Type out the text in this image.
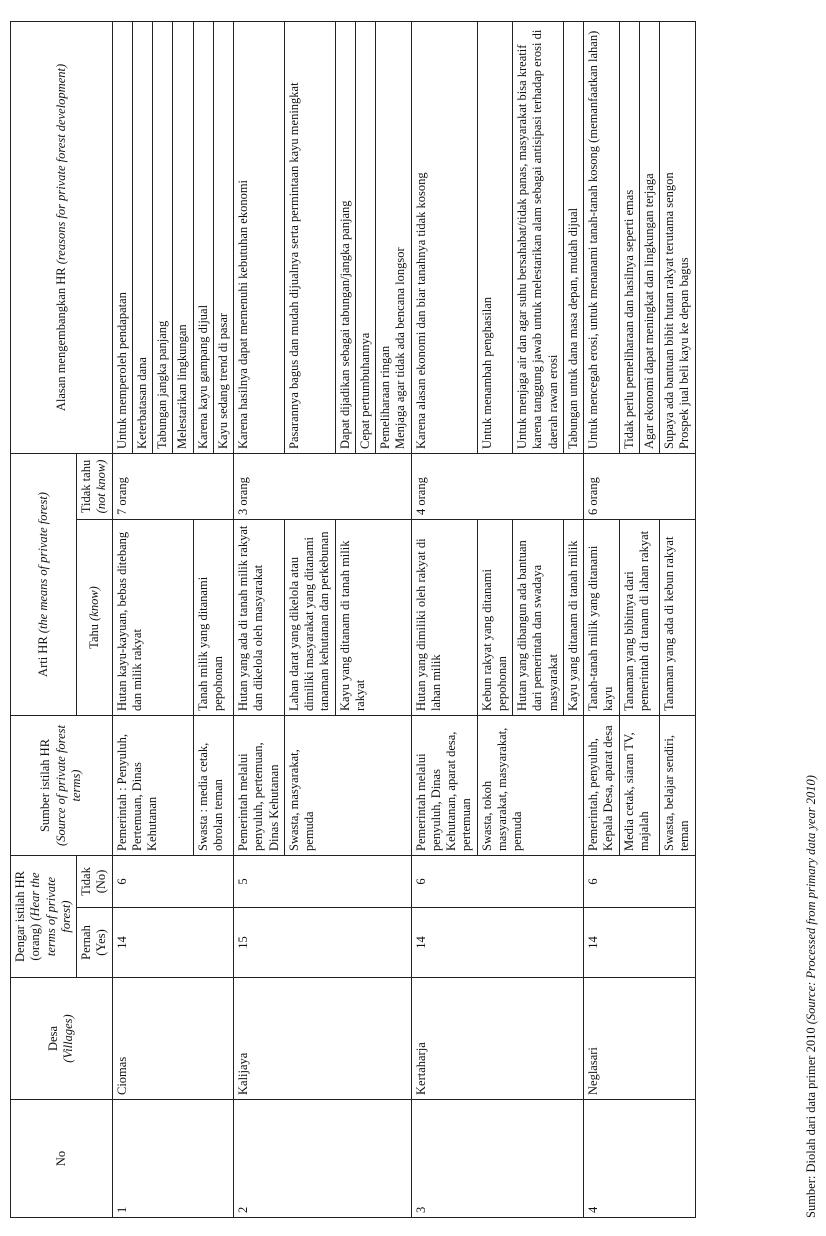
No	Desa
(Villages)	Dengar istilah HR (orang) (Hear the terms of private forest)		Sumber istilah HR (Source of private forest terms)	Arti HR (the means of private forest)		Alasan mengembangkan HR (reasons for private forest development)
		Pernah
(Yes)	Tidak
(No)		Tahu (know)	Tidak tahu
(not know)	
1	Ciomas	14	6	Pemerintah : Penyuluh, Pertemuan, Dinas Kehutanan	Hutan kayu-kayuan, bebas ditebang dan milik rakyat	7 orang	Untuk memperoleh pendapatan
							Keterbatasan dana
							Tabungan jangka panjang
							Melestarikan lingkungan
				Swasta : media cetak, obrolan teman	Tanah milik yang ditanami pepohonan		Karena kayu gampang dijual
							Kayu sedang trend di pasar
2	Kalijaya	15	5	Pemerintah melalui penyuluh, pertemuan, Dinas Kehutanan	Hutan yang ada di tanah milik rakyat dan dikelola oleh masyarakat	3 orang	Karena hasilnya dapat memenuhi kebutuhan ekonomi
				Swasta, masyarakat, pemuda	Lahan darat yang dikelola atau dimiliki masyarakat yang ditanami tanaman kehutanan dan perkebunan		Pasarannya bagus dan mudah dijualnya serta permintaan kayu meningkat
					Kayu yang ditanam di tanah milik rakyat		Dapat dijadikan sebagai tabungan/jangka panjang
							Cepat pertumbuhannya
							Pemeliharaan ringan
Menjaga agar tidak ada bencana longsor
3	Kertaharja	14	6	Pemerintah melalui penyuluh, Dinas Kehutanan, aparat desa, pertemuan	Hutan yang dimiliki oleh rakyat di lahan milik	4 orang	Karena alasan ekonomi dan biar tanahnya tidak kosong
				Swasta, tokoh masyarakat, masyarakat, pemuda	Kebun rakyat yang ditanami pepohonan		Untuk menambah penghasilan
					Hutan yang dibangun ada bantuan dari pemerintah dan swadaya masyarakat		Untuk menjaga air dan agar suhu bersahabat/tidak panas, masyarakat bisa kreatif karena tanggung jawab untuk melestarikan alam sebagai antisipasi terhadap erosi di daerah rawan erosi
					Kayu yang ditanam di tanah milik		Tabungan untuk dana masa depan, mudah dijual
4	Neglasari	14	6	Pemerintah, penyuluh, Kepala Desa, aparat desa	Tanah-tanah milik yang ditanami kayu	6 orang	Untuk mencegah erosi, untuk menanami tanah-tanah kosong (memanfaatkan lahan)
				Media cetak, siaran TV, majalah	Tanaman yang bibitnya dari pemerintah di tanam di lahan rakyat		Tidak perlu pemeliharaan dan hasilnya seperti emas
							Agar ekonomi dapat meningkat dan lingkungan terjaga
				Swasta, belajar sendiri, teman	Tanaman yang ada di kebun rakyat		Supaya ada bantuan bibit hutan rakyat terutama sengon
Prospek jual beli kayu ke depan bagus
Sumber: Diolah dari data primer 2010 (Source: Processed from primary data year 2010)
